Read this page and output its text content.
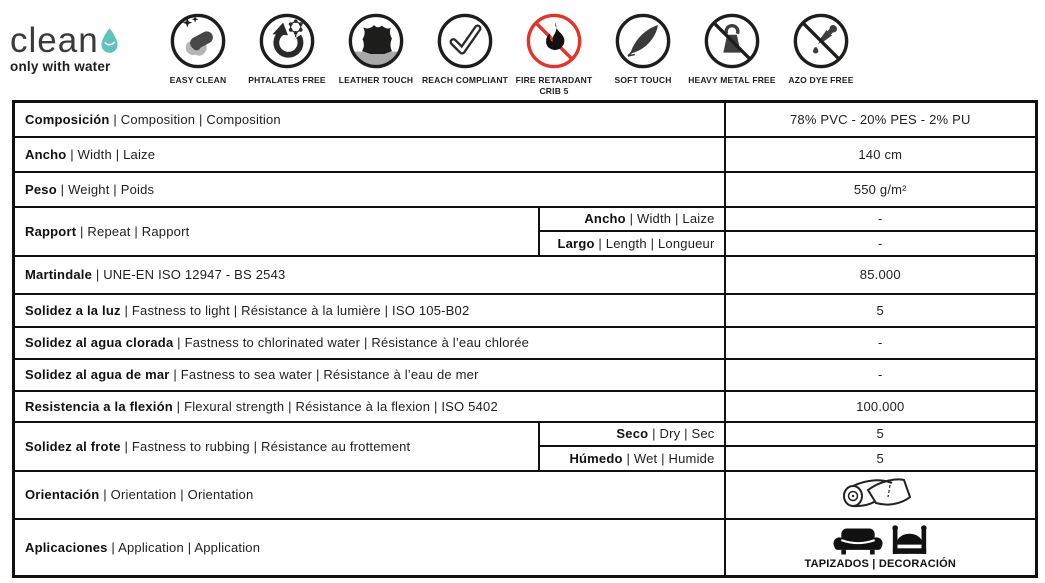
clean
only with water
EASY CLEAN	PHTALATES FREE LEATHER TOUCH REACH COMPLIANT FIRE RETARDANT
CRIB 5
SOFT TOUCH HEAVY METAL FREE AZO DYE FREE
Composición | Composition | Composition		78% PVC - 20% PES - 2% PU
Ancho | Width | Laize		140 cm
Peso | Weight | Poids		550 g/m²
Rapport | Repeat | Rapport	Ancho | Width | Laize	-
	Largo | Length | Longueur	-
Martindale | UNE-EN ISO 12947 - BS 2543		85.000
Solidez a la luz | Fastness to light | Résistance à la lumière | ISO 105-B02		5
Solidez al agua clorada | Fastness to chlorinated water | Résistance à l’eau chlorée		-
Solidez al agua de mar | Fastness to sea water | Résistance à l’eau de mer		-
Resistencia a la flexión | Flexural strength | Résistance à la flexion | ISO 5402		100.000
Solidez al frote | Fastness to rubbing | Résistance au frottement	Seco | Dry | Sec	5
	Húmedo | Wet | Humide	5
Orientación | Orientation | Orientation	
Aplicaciones | Application | Application		TAPIZADOS | DECORACIÓN
